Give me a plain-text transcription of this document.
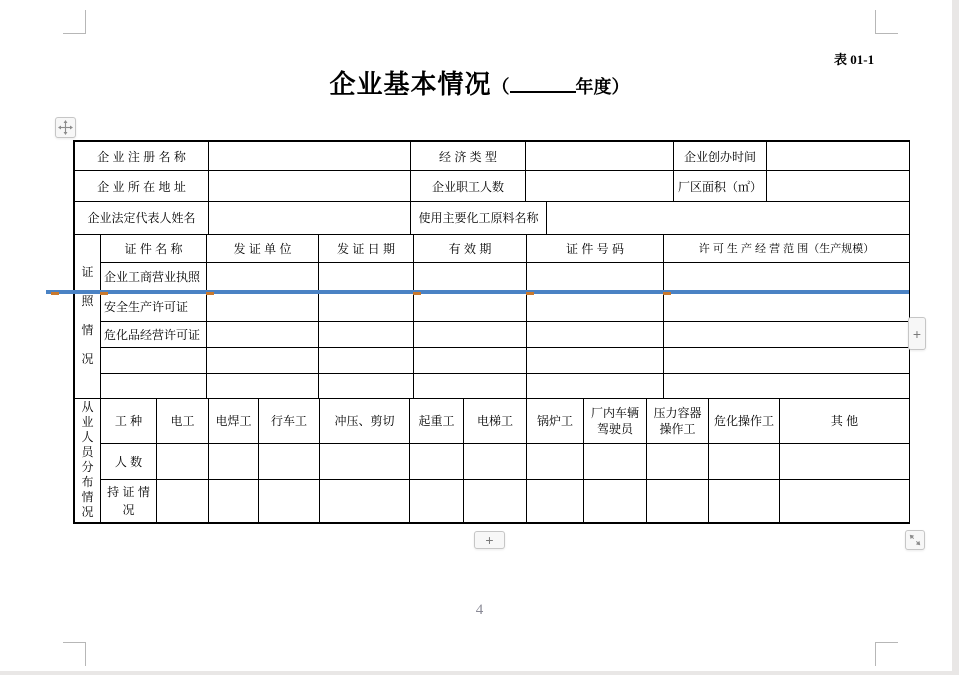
表 01-1
企业基本情况（	年度）
企 业 注 册 名 称		经 济 类 型		企业创办时间	
企 业 所 在 地 址		企业职工人数		厂区面积（㎡）	
企业法定代表人姓名		使用主要化工原料名称	
证照情况	证 件 名 称	发 证 单 位	发 证 日 期	有 效 期	证 件 号 码	许 可 生 产 经 营 范 围（生产规模）
	企业工商营业执照					
	安全生产许可证					
	危化品经营许可证					

从业人员分布情况	工 种	电工	电焊工	行车工	冲压、剪切	起重工	电梯工	锅炉工	厂内车辆驾驶员	压力容器操作工	危化操作工	其 他
	人 数											
	持 证 情 况											
+
+
4
